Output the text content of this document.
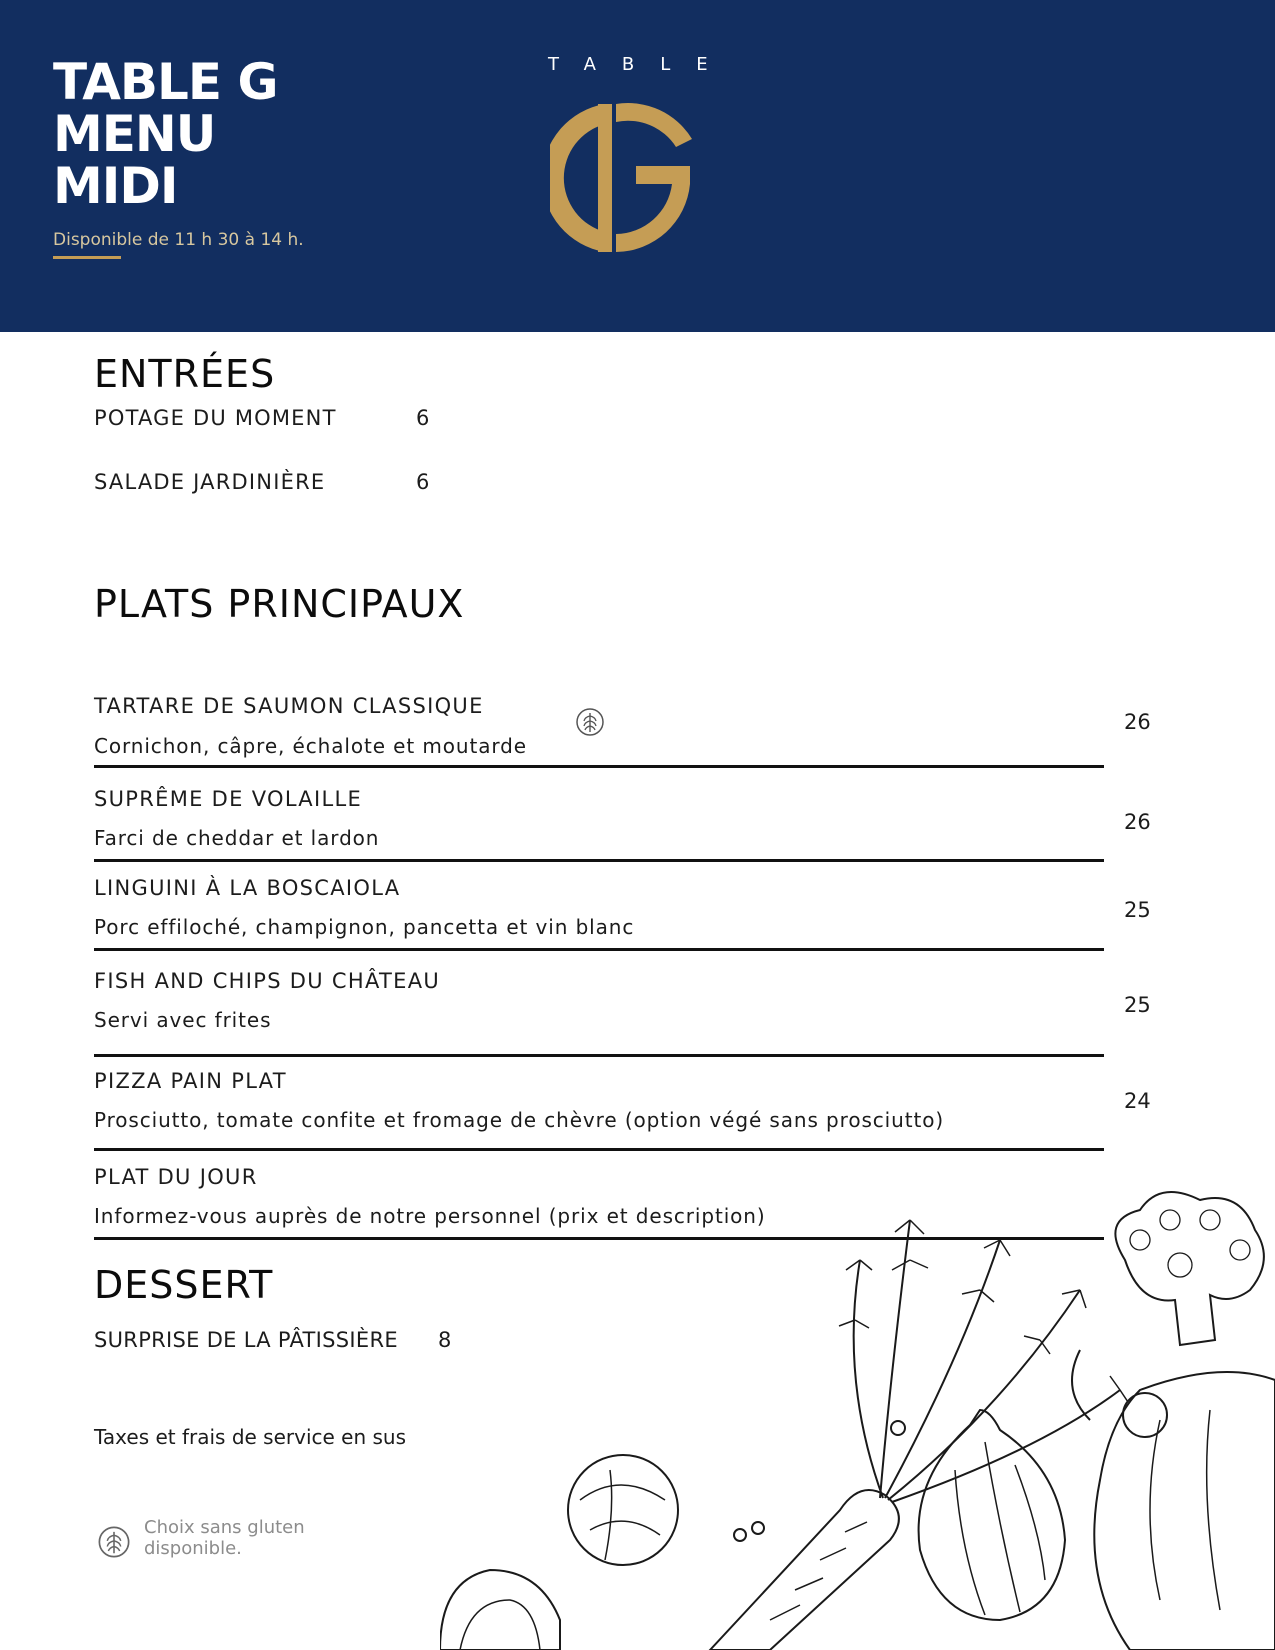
TABLE G
MENU
MIDI
Disponible de 11 h 30 à 14 h.
TABLE
ENTRÉES
POTAGE DU MOMENT	6
SALADE JARDINIÈRE	6
PLATS PRINCIPAUX
TARTARE DE SAUMON CLASSIQUE
Cornichon, câpre, échalote et moutarde
26
SUPRÊME DE VOLAILLE
Farci de cheddar et lardon
26
LINGUINI À LA BOSCAIOLA
Porc effiloché, champignon, pancetta et vin blanc
25
FISH AND CHIPS DU CHÂTEAU
Servi avec frites
25
PIZZA PAIN PLAT
Prosciutto, tomate confite et fromage de chèvre (option végé sans prosciutto)
24
PLAT DU JOUR
Informez-vous auprès de notre personnel (prix et description)
DESSERT
SURPRISE DE LA PÂTISSIÈRE 8
Taxes et frais de service en sus
Choix sans gluten
disponible.
